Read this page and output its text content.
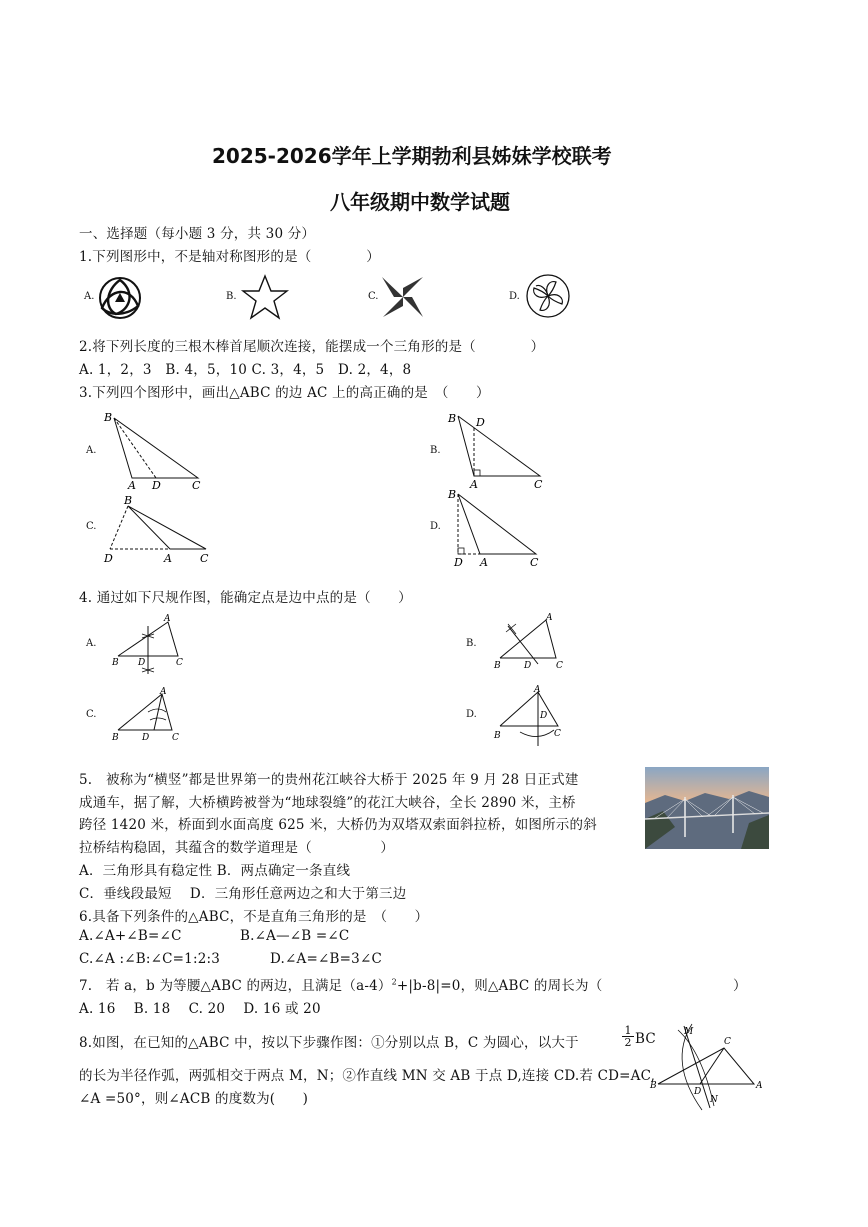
2025-2026学年上学期勃利县姊妹学校联考
八年级期中数学试题
一、选择题（每小题 3 分，共 30 分）
1.下列图形中，不是轴对称图形的是（　　　　）
A.	B.	C.	D.
2.将下列长度的三根木棒首尾顺次连接，能摆成一个三角形的是（　　　　）
A. 1，2，3　B. 4，5，10 C. 3，4，5　D. 2，4，8
3.下列四个图形中，画出△ABC 的边 AC 上的高正确的是　（　　）
A.	B.
C.	D.
B
A D	C
B D
A	C
B
D	A	C
B
D A	C
4. 通过如下尺规作图，能确定点是边中点的是（　　）
A.	B.
C.	D.
A
B D	C
A
B	D	C
A
B	D	C
A
B
D
C
5.　被称为“横竖”都是世界第一的贵州花江峡谷大桥于 2025 年 9 月 28 日正式建
成通车，据了解，大桥横跨被誉为“地球裂缝”的花江大峡谷，全长 2890 米，主桥
跨径 1420 米，桥面到水面高度 625 米，大桥仍为双塔双索面斜拉桥，如图所示的斜
拉桥结构稳固，其蕴含的数学道理是（　　　　　）
A．三角形具有稳定性 B．两点确定一条直线
C．垂线段最短　 D．三角形任意两边之和大于第三边
6.具备下列条件的△ABC，不是直角三角形的是　（　　）
A.∠A+∠B=∠C	B.∠A—∠B =∠C
C.∠A :∠B:∠C=1:2:3	D.∠A=∠B=3∠C
7.　若 a，b 为等腰△ABC 的两边，且满足$(a-4)^2+|b-8|=0$，则△ABC 的周长为（	）
A. 16　 B. 18　 C. 20　 D. 16 或 20
8.如图，在已知的△ABC 中，按以下步骤作图：①分别以点 B，C 为圆心，以大于	$\frac{1}{2}$ BC
的长为半径作弧，两弧相交于两点 M，N；②作直线 MN 交 AB 于点 D,连接 CD.若 CD=AC,
∠A =50°，则∠ACB 的度数为(　　)
M
N
C
B	A
D
